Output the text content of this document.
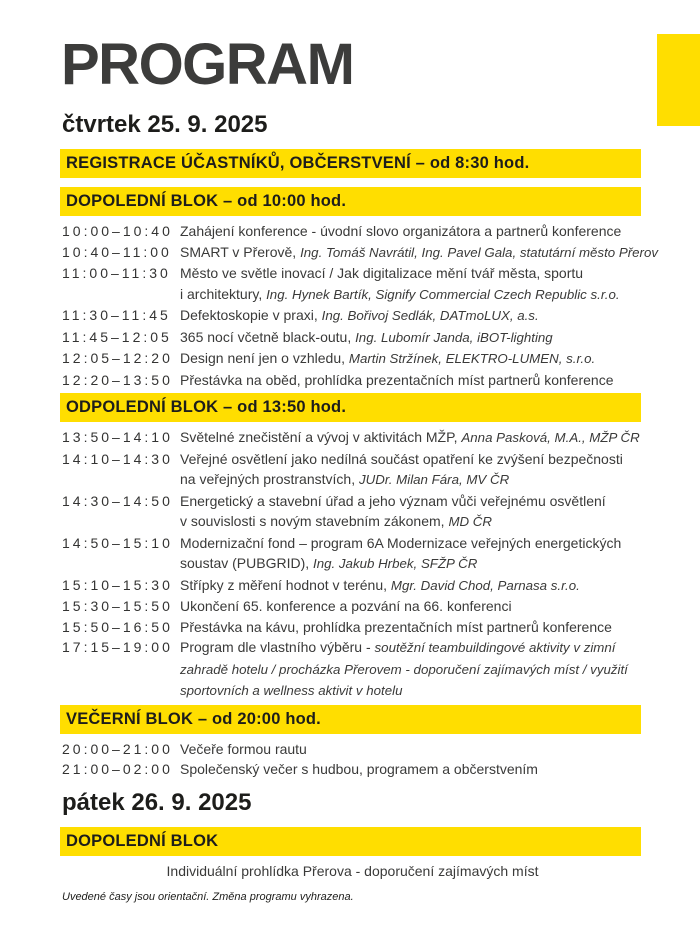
PROGRAM
čtvrtek 25. 9. 2025
REGISTRACE ÚČASTNÍKŮ, OBČERSTVENÍ – od 8:30 hod.
DOPOLEDNÍ BLOK – od 10:00 hod.
10:00–10:40 Zahájení konference - úvodní slovo organizátora a partnerů konference
10:40–11:00 SMART v Přerově, Ing. Tomáš Navrátil, Ing. Pavel Gala, statutární město Přerov
11:00–11:30 Město ve světle inovací / Jak digitalizace mění tvář města, sportu
i architektury, Ing. Hynek Bartík, Signify Commercial Czech Republic s.r.o.
11:30–11:45 Defektoskopie v praxi, Ing. Bořivoj Sedlák, DATmoLUX, a.s.
11:45–12:05 365 nocí včetně black-outu, Ing. Lubomír Janda, iBOT-lighting
12:05–12:20 Design není jen o vzhledu, Martin Stržínek, ELEKTRO-LUMEN, s.r.o.
12:20–13:50 Přestávka na oběd, prohlídka prezentačních míst partnerů konference
ODPOLEDNÍ BLOK – od 13:50 hod.
13:50–14:10 Světelné znečistění a vývoj v aktivitách MŽP, Anna Pasková, M.A., MŽP ČR
14:10–14:30 Veřejné osvětlení jako nedílná součást opatření ke zvýšení bezpečnosti
na veřejných prostranstvích, JUDr. Milan Fára, MV ČR
14:30–14:50 Energetický a stavební úřad a jeho význam vůči veřejnému osvětlení
v souvislosti s novým stavebním zákonem, MD ČR
14:50–15:10 Modernizační fond – program 6A Modernizace veřejných energetických
soustav (PUBGRID), Ing. Jakub Hrbek, SFŽP ČR
15:10–15:30 Střípky z měření hodnot v terénu, Mgr. David Chod, Parnasa s.r.o.
15:30–15:50 Ukončení 65. konference a pozvání na 66. konferenci
15:50–16:50 Přestávka na kávu, prohlídka prezentačních míst partnerů konference
17:15–19:00 Program dle vlastního výběru - soutěžní teambuildingové aktivity v zimní
zahradě hotelu / procházka Přerovem - doporučení zajímavých míst / využití
sportovních a wellness aktivit v hotelu
VEČERNÍ BLOK – od 20:00 hod.
20:00–21:00 Večeře formou rautu
21:00–02:00 Společenský večer s hudbou, programem a občerstvením
pátek 26. 9. 2025
DOPOLEDNÍ BLOK
Individuální prohlídka Přerova - doporučení zajímavých míst
Uvedené časy jsou orientační. Změna programu vyhrazena.
